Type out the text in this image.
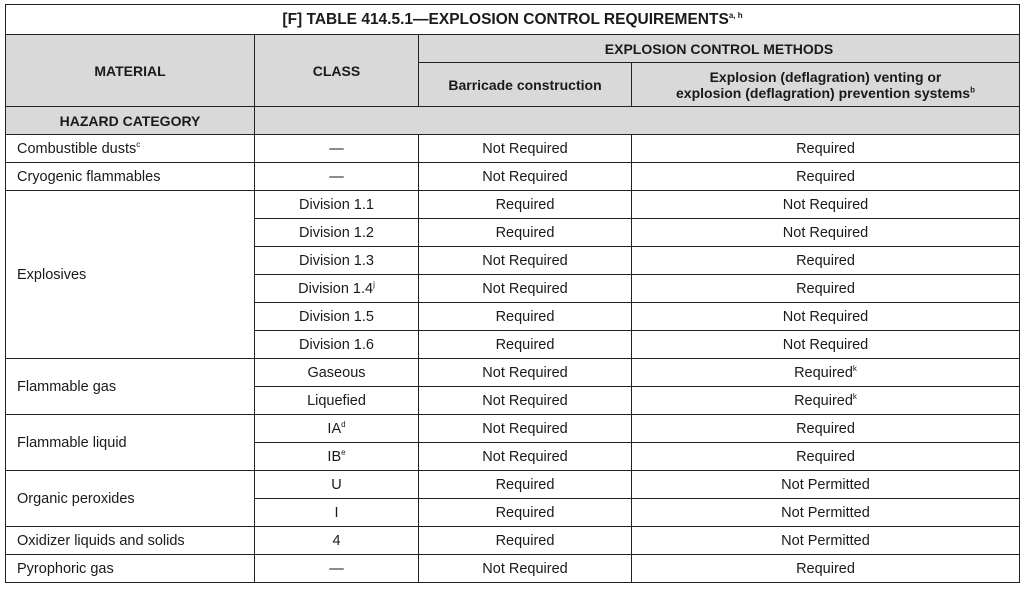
[F] TABLE 414.5.1—EXPLOSION CONTROL REQUIREMENTS$^{a, h}$
MATERIAL	CLASS	EXPLOSION CONTROL METHODS	
		Barricade construction	Explosion (deflagration) venting or
explosion (deflagration) prevention systems$^b$
HAZARD CATEGORY			
Combustible dusts$^c$	—	Not Required	Required
Cryogenic flammables	—	Not Required	Required
Explosives	Division 1.1	Required	Not Required
	Division 1.2	Required	Not Required
	Division 1.3	Not Required	Required
	Division 1.4$^j$	Not Required	Required
	Division 1.5	Required	Not Required
	Division 1.6	Required	Not Required
Flammable gas	Gaseous	Not Required	Required$^k$
	Liquefied	Not Required	Required$^k$
Flammable liquid	$IA^d$	Not Required	Required
	$IB^e$	Not Required	Required
Organic peroxides	U	Required	Not Permitted
	I	Required	Not Permitted
Oxidizer liquids and solids	4	Required	Not Permitted
Pyrophoric gas	—	Not Required	Required
